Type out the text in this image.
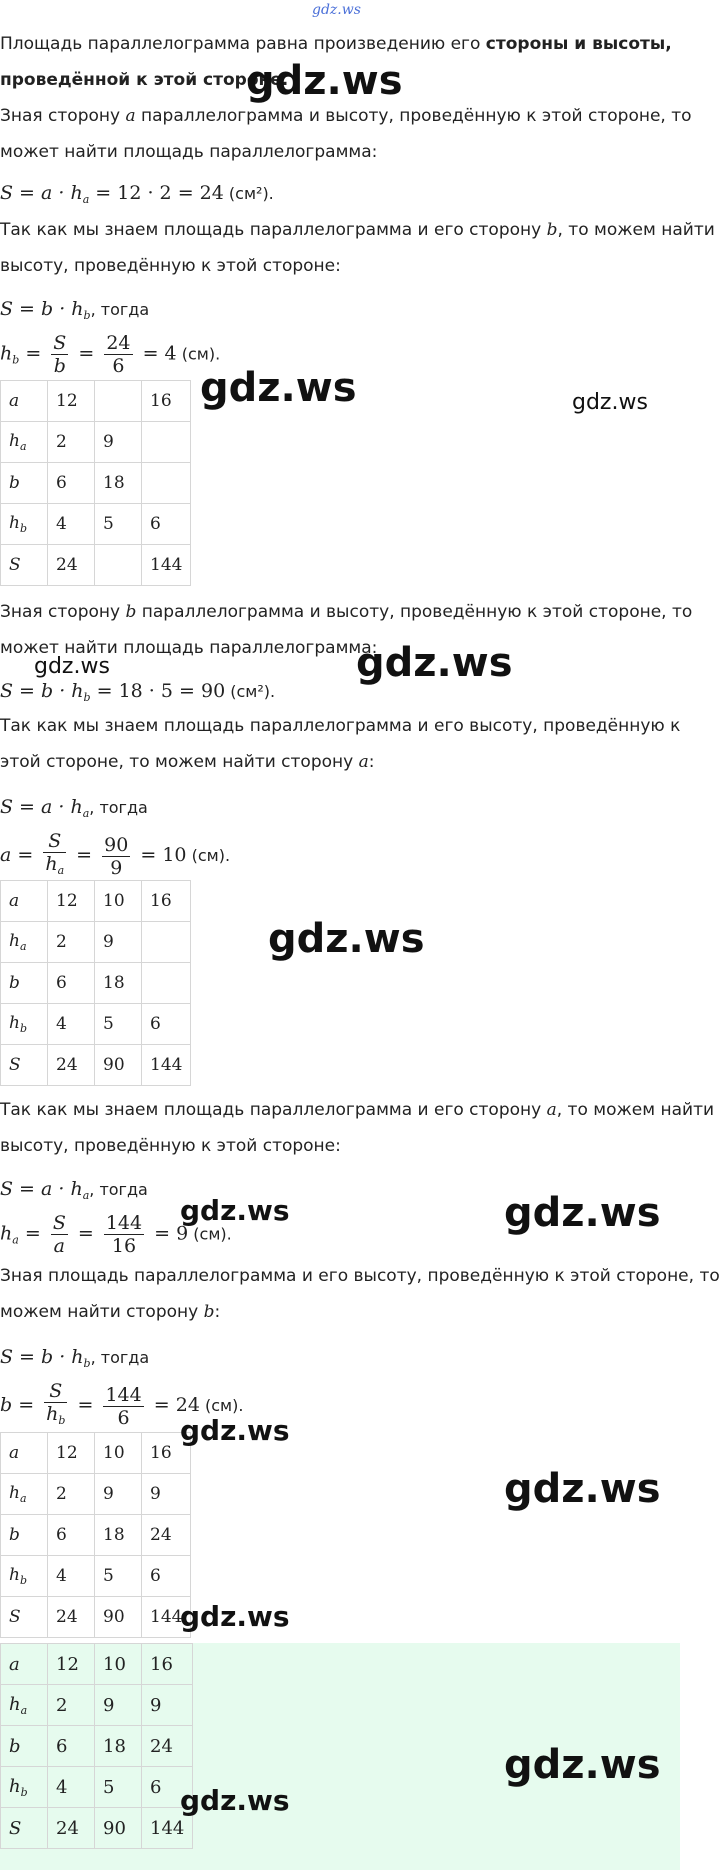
gdz.ws
Площадь параллелограмма равна произведению его стороны и высоты,
проведённой к этой стороне.
Зная сторону a параллелограмма и высоту, проведённую к этой стороне, то
может найти площадь параллелограмма:
$S = a \cdot h_a = 12 \cdot 2 = 24$ (см²).
Так как мы знаем площадь параллелограмма и его сторону b, то можем найти
высоту, проведённую к этой стороне:
$S = b \cdot h_b$, тогда
$h_b = \frac{S}{b} = \frac{24}{6} = 4$ (см).
a	12		16
$h_a$	2	9	
b	6	18	
$h_b$	4	5	6
S	24		144
Зная сторону b параллелограмма и высоту, проведённую к этой стороне, то
может найти площадь параллелограмма:
$S = b \cdot h_b = 18 \cdot 5 = 90$ (см²).
Так как мы знаем площадь параллелограмма и его высоту, проведённую к
этой стороне, то можем найти сторону a:
$S = a \cdot h_a$, тогда
$a = \frac{S}{h_a} = \frac{90}{9} = 10$ (см).
a	12	10	16
$h_a$	2	9	
b	6	18	
$h_b$	4	5	6
S	24	90	144
Так как мы знаем площадь параллелограмма и его сторону a, то можем найти
высоту, проведённую к этой стороне:
$S = a \cdot h_a$, тогда
$h_a = \frac{S}{a} = \frac{144}{16} = 9$ (см).
Зная площадь параллелограмма и его высоту, проведённую к этой стороне, то
можем найти сторону b:
$S = b \cdot h_b$, тогда
$b = \frac{S}{h_b} = \frac{144}{6} = 24$ (см).
a	12	10	16
$h_a$	2	9	9
b	6	18	24
$h_b$	4	5	6
S	24	90	144
a	12	10	16
$h_a$	2	9	9
b	6	18	24
$h_b$	4	5	6
S	24	90	144
gdz.ws
gdz.ws	gdz.ws
gdz.ws	gdz.ws
gdz.ws
gdz.ws	gdz.ws
gdz.ws
gdz.ws
gdz.ws
gdz.ws
gdz.ws
